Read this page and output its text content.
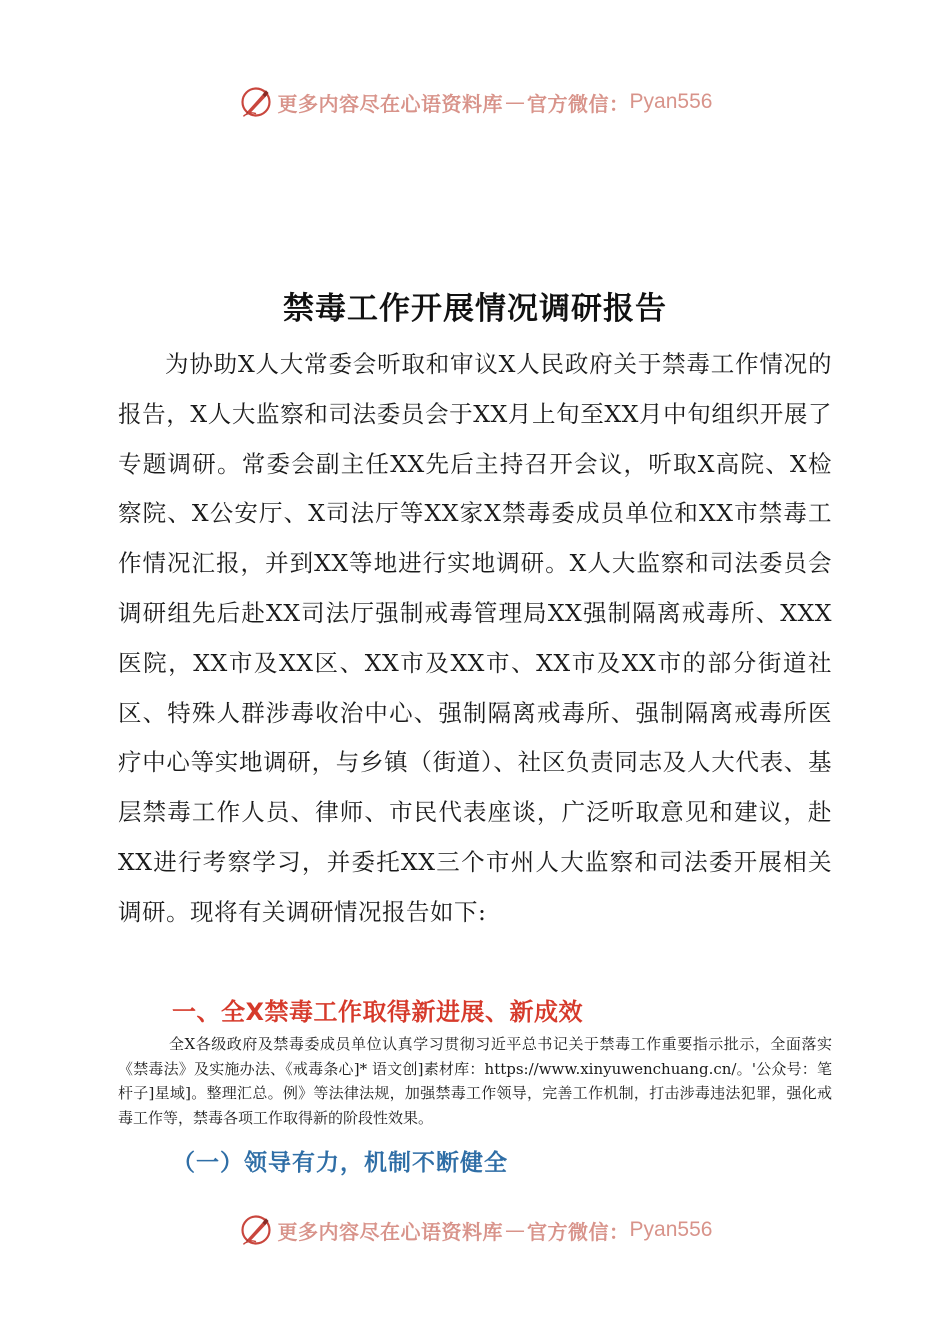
更多内容尽在心语资料库 — 官方微信： Pyan556
禁毒工作开展情况调研报告

为协助X人大常委会听取和审议X人民政府关于禁毒工作情况的报告，X人大监察和司法委员会于XX月上旬至XX月中旬组织开展了专题调研。常委会副主任XX先后主持召开会议，听取X高院、X检察院、X公安厅、X司法厅等XX家X禁毒委成员单位和XX市禁毒工作情况汇报，并到XX等地进行实地调研。X人大监察和司法委员会调研组先后赴XX司法厅强制戒毒管理局XX强制隔离戒毒所、XXX医院，XX市及XX区、XX市及XX市、XX市及XX市的部分街道社区、特殊人群涉毒收治中心、强制隔离戒毒所、强制隔离戒毒所医疗中心等实地调研，与乡镇（街道）、社区负责同志及人大代表、基层禁毒工作人员、律师、市民代表座谈，广泛听取意见和建议，赴XX进行考察学习，并委托XX三个市州人大监察和司法委开展相关调研。现将有关调研情况报告如下:

一、全X禁毒工作取得新进展、新成效

全X各级政府及禁毒委成员单位认真学习贯彻习近平总书记关于禁毒工作重要指示批示，全面落实《禁毒法》及实施办法、《戒毒条心]* 语文创]素材库：https://www.xinyuwenchuang.cn/。'公众号：笔杆子]星域]。整理汇总。例》等法律法规，加强禁毒工作领导，完善工作机制，打击涉毒违法犯罪，强化戒毒工作等，禁毒各项工作取得新的阶段性效果。

（一）领导有力，机制不断健全
更多内容尽在心语资料库 — 官方微信： Pyan556
